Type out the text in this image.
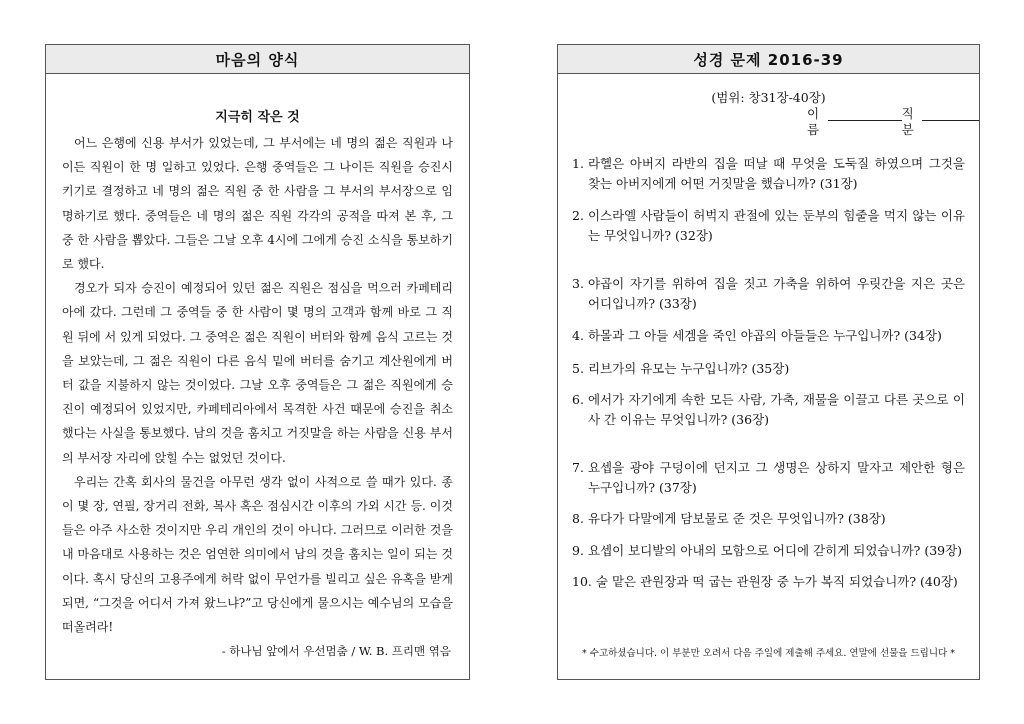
마음의 양식
지극히 작은 것

어느 은행에 신용 부서가 있었는데, 그 부서에는 네 명의 젊은 직원과 나이든 직원이 한 명 일하고 있었다. 은행 중역들은 그 나이든 직원을 승진시키기로 결정하고 네 명의 젊은 직원 중 한 사람을 그 부서의 부서장으로 임명하기로 했다. 중역들은 네 명의 젊은 직원 각각의 공적을 따져 본 후, 그 중 한 사람을 뽑았다. 그들은 그날 오후 4시에 그에게 승진 소식을 통보하기로 했다.

경오가 되자 승진이 예정되어 있던 젊은 직원은 점심을 먹으러 카페테리아에 갔다. 그런데 그 중역들 중 한 사람이 몇 명의 고객과 함께 바로 그 직원 뒤에 서 있게 되었다. 그 중역은 젊은 직원이 버터와 함께 음식 고르는 것을 보았는데, 그 젊은 직원이 다른 음식 밑에 버터를 숨기고 계산원에게 버터 값을 지불하지 않는 것이었다. 그날 오후 중역들은 그 젊은 직원에게 승진이 예정되어 있었지만, 카페테리아에서 목격한 사건 때문에 승진을 취소했다는 사실을 통보했다. 남의 것을 훔치고 거짓말을 하는 사람을 신용 부서의 부서장 자리에 앉힐 수는 없었던 것이다.

우리는 간혹 회사의 물건을 아무런 생각 없이 사적으로 쓸 때가 있다. 종이 몇 장, 연필, 장거리 전화, 복사 혹은 점심시간 이후의 가외 시간 등. 이것들은 아주 사소한 것이지만 우리 개인의 것이 아니다. 그러므로 이러한 것을 내 마음대로 사용하는 것은 엄연한 의미에서 남의 것을 훔치는 일이 되는 것이다. 혹시 당신의 고용주에게 허락 없이 무언가를 빌리고 싶은 유혹을 받게 되면, “그것을 어디서 가져 왔느냐?”고 당신에게 물으시는 예수님의 모습을 떠올려라!

- 하나님 앞에서 우선멈춤 / W. B. 프리맨 엮음
성경 문제 2016-39
(범위: 창31장-40장)
이름
직분
1. 라헬은 아버지 라반의 집을 떠날 때 무엇을 도둑질 하였으며 그것을 찾는 아버지에게 어떤 거짓말을 했습니까? (31장)
2. 이스라엘 사람들이 허벅지 관절에 있는 둔부의 힘줄을 먹지 않는 이유는 무엇입니까? (32장)
3. 야곱이 자기를 위하여 집을 짓고 가축을 위하여 우릿간을 지은 곳은 어디입니까? (33장)
4. 하몰과 그 아들 세겜을 죽인 야곱의 아들들은 누구입니까? (34장)
5. 리브가의 유모는 누구입니까? (35장)
6. 에서가 자기에게 속한 모든 사람, 가축, 재물을 이끌고 다른 곳으로 이사 간 이유는 무엇입니까? (36장)
7. 요셉을 광야 구덩이에 던지고 그 생명은 상하지 말자고 제안한 형은 누구입니까? (37장)
8. 유다가 다말에게 담보물로 준 것은 무엇입니까? (38장)
9. 요셉이 보디발의 아내의 모함으로 어디에 갇히게 되었습니까? (39장)
10. 술 맡은 관원장과 떡 굽는 관원장 중 누가 복직 되었습니까? (40장)
* 수고하셨습니다. 이 부분만 오려서 다음 주일에 제출해 주세요. 연말에 선물을 드립니다 *
